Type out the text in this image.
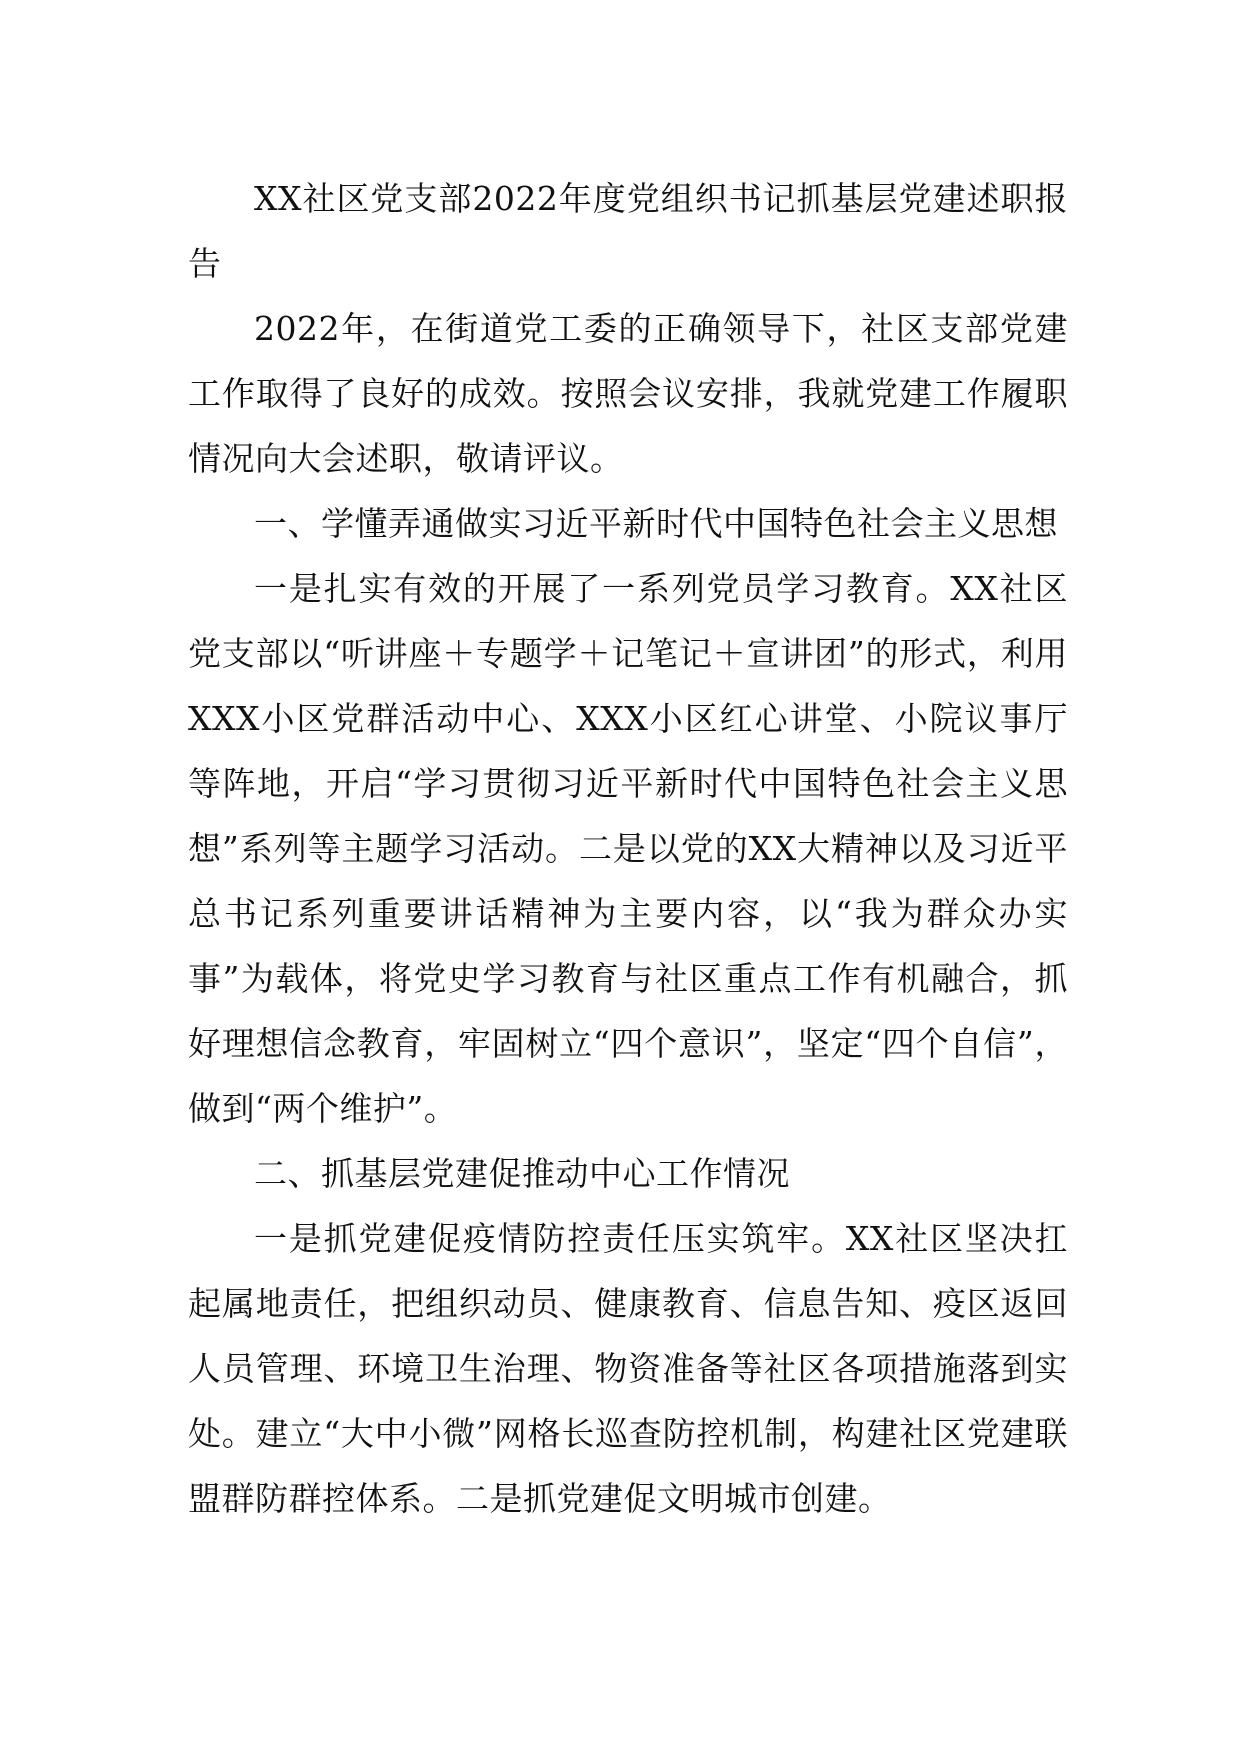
XX社区党支部2022年度党组织书记抓基层党建述职报告

2022年，在街道党工委的正确领导下，社区支部党建工作取得了良好的成效。按照会议安排，我就党建工作履职情况向大会述职，敬请评议。

一、学懂弄通做实习近平新时代中国特色社会主义思想

一是扎实有效的开展了一系列党员学习教育。XX社区党支部以“听讲座＋专题学＋记笔记＋宣讲团”的形式，利用XXX小区党群活动中心、XXX小区红心讲堂、小院议事厅等阵地，开启“学习贯彻习近平新时代中国特色社会主义思想”系列等主题学习活动。二是以党的XX大精神以及习近平总书记系列重要讲话精神为主要内容，以“我为群众办实事”为载体，将党史学习教育与社区重点工作有机融合，抓好理想信念教育，牢固树立“四个意识”，坚定“四个自信”，做到“两个维护”。

二、抓基层党建促推动中心工作情况

一是抓党建促疫情防控责任压实筑牢。XX社区坚决扛起属地责任，把组织动员、健康教育、信息告知、疫区返回人员管理、环境卫生治理、物资准备等社区各项措施落到实处。建立“大中小微”网格长巡查防控机制，构建社区党建联盟群防群控体系。二是抓党建促文明城市创建。
